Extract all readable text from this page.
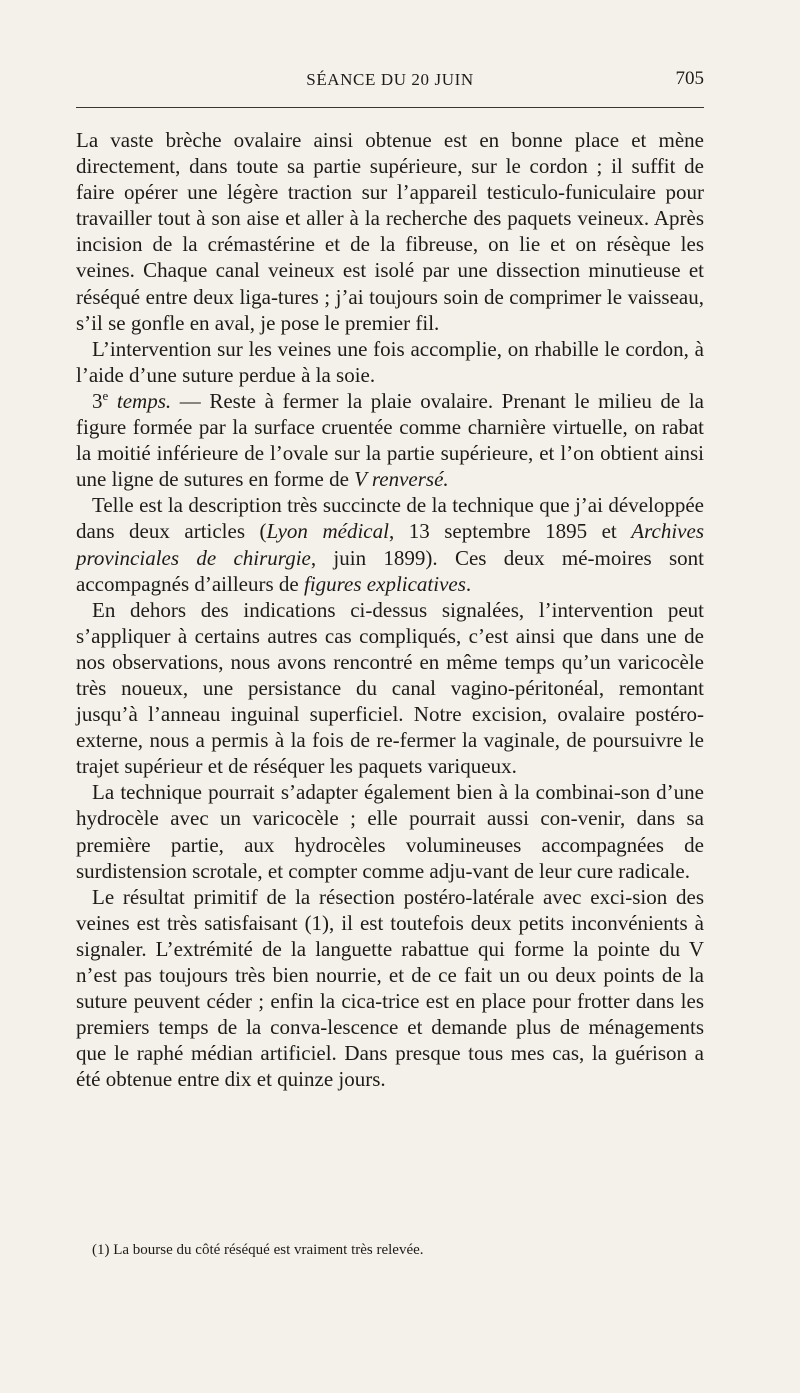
SÉANCE DU 20 JUIN	705

La vaste brèche ovalaire ainsi obtenue est en bonne place et mène directement, dans toute sa partie supérieure, sur le cordon ; il suffit de faire opérer une légère traction sur l’appareil testiculo-funiculaire pour travailler tout à son aise et aller à la recherche des paquets veineux. Après incision de la crémastérine et de la fibreuse, on lie et on résèque les veines. Chaque canal veineux est isolé par une dissection minutieuse et réséqué entre deux liga-tures ; j’ai toujours soin de comprimer le vaisseau, s’il se gonfle en aval, je pose le premier fil.

L’intervention sur les veines une fois accomplie, on rhabille le cordon, à l’aide d’une suture perdue à la soie.

3e temps. — Reste à fermer la plaie ovalaire. Prenant le milieu de la figure formée par la surface cruentée comme charnière virtuelle, on rabat la moitié inférieure de l’ovale sur la partie supérieure, et l’on obtient ainsi une ligne de sutures en forme de V renversé.

Telle est la description très succincte de la technique que j’ai développée dans deux articles (Lyon médical, 13 septembre 1895 et Archives provinciales de chirurgie, juin 1899). Ces deux mé-moires sont accompagnés d’ailleurs de figures explicatives.

En dehors des indications ci-dessus signalées, l’intervention peut s’appliquer à certains autres cas compliqués, c’est ainsi que dans une de nos observations, nous avons rencontré en même temps qu’un varicocèle très noueux, une persistance du canal vagino-péritonéal, remontant jusqu’à l’anneau inguinal superficiel. Notre excision, ovalaire postéro-externe, nous a permis à la fois de re-fermer la vaginale, de poursuivre le trajet supérieur et de réséquer les paquets variqueux.

La technique pourrait s’adapter également bien à la combinai-son d’une hydrocèle avec un varicocèle ; elle pourrait aussi con-venir, dans sa première partie, aux hydrocèles volumineuses accompagnées de surdistension scrotale, et compter comme adju-vant de leur cure radicale.

Le résultat primitif de la résection postéro-latérale avec exci-sion des veines est très satisfaisant (1), il est toutefois deux petits inconvénients à signaler. L’extrémité de la languette rabattue qui forme la pointe du V n’est pas toujours très bien nourrie, et de ce fait un ou deux points de la suture peuvent céder ; enfin la cica-trice est en place pour frotter dans les premiers temps de la conva-lescence et demande plus de ménagements que le raphé médian artificiel. Dans presque tous mes cas, la guérison a été obtenue entre dix et quinze jours.

(1) La bourse du côté réséqué est vraiment très relevée.
